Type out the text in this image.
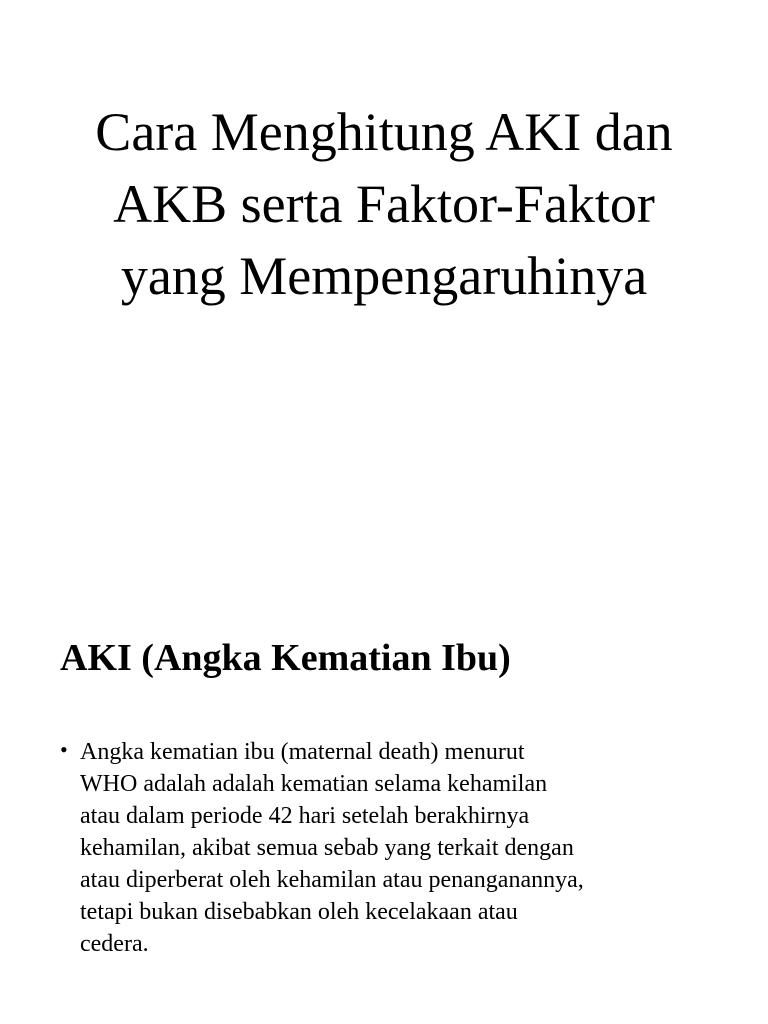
Cara Menghitung AKI dan
AKB serta Faktor-Faktor
yang Mempengaruhinya
AKI (Angka Kematian Ibu)
• Angka kematian ibu (maternal death) menurut
WHO adalah adalah kematian selama kehamilan
atau dalam periode 42 hari setelah berakhirnya
kehamilan, akibat semua sebab yang terkait dengan
atau diperberat oleh kehamilan atau penanganannya,
tetapi bukan disebabkan oleh kecelakaan atau
cedera.
